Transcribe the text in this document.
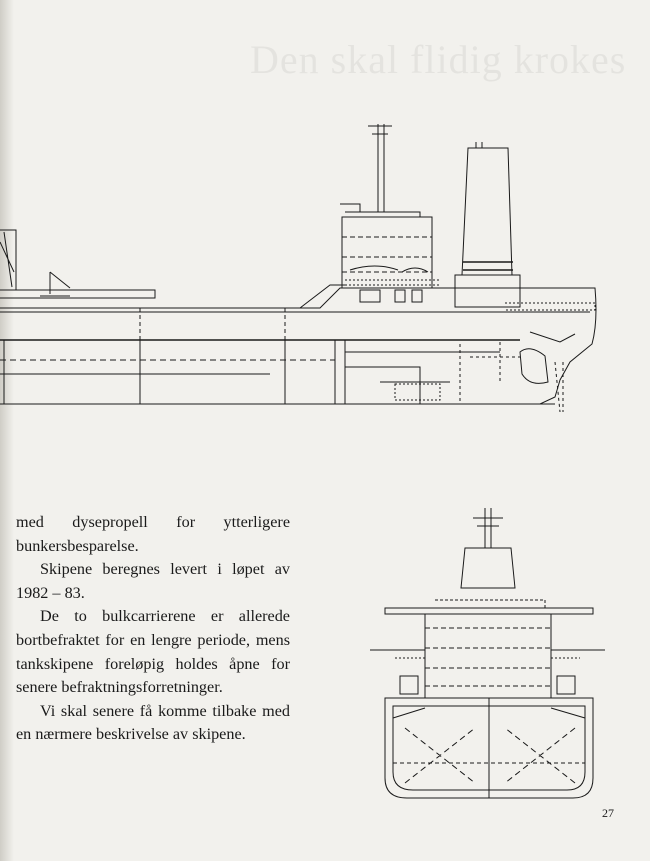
Den skal flidig krokes

med dysepropell for ytterligere bunkersbesparelse.

Skipene beregnes levert i løpet av 1982 – 83.

De to bulkcarrierene er allerede bortbefraktet for en lengre periode, mens tankskipene foreløpig holdes åpne for senere befraktningsforretninger.

Vi skal senere få komme tilbake med en nærmere beskrivelse av skipene.

27
